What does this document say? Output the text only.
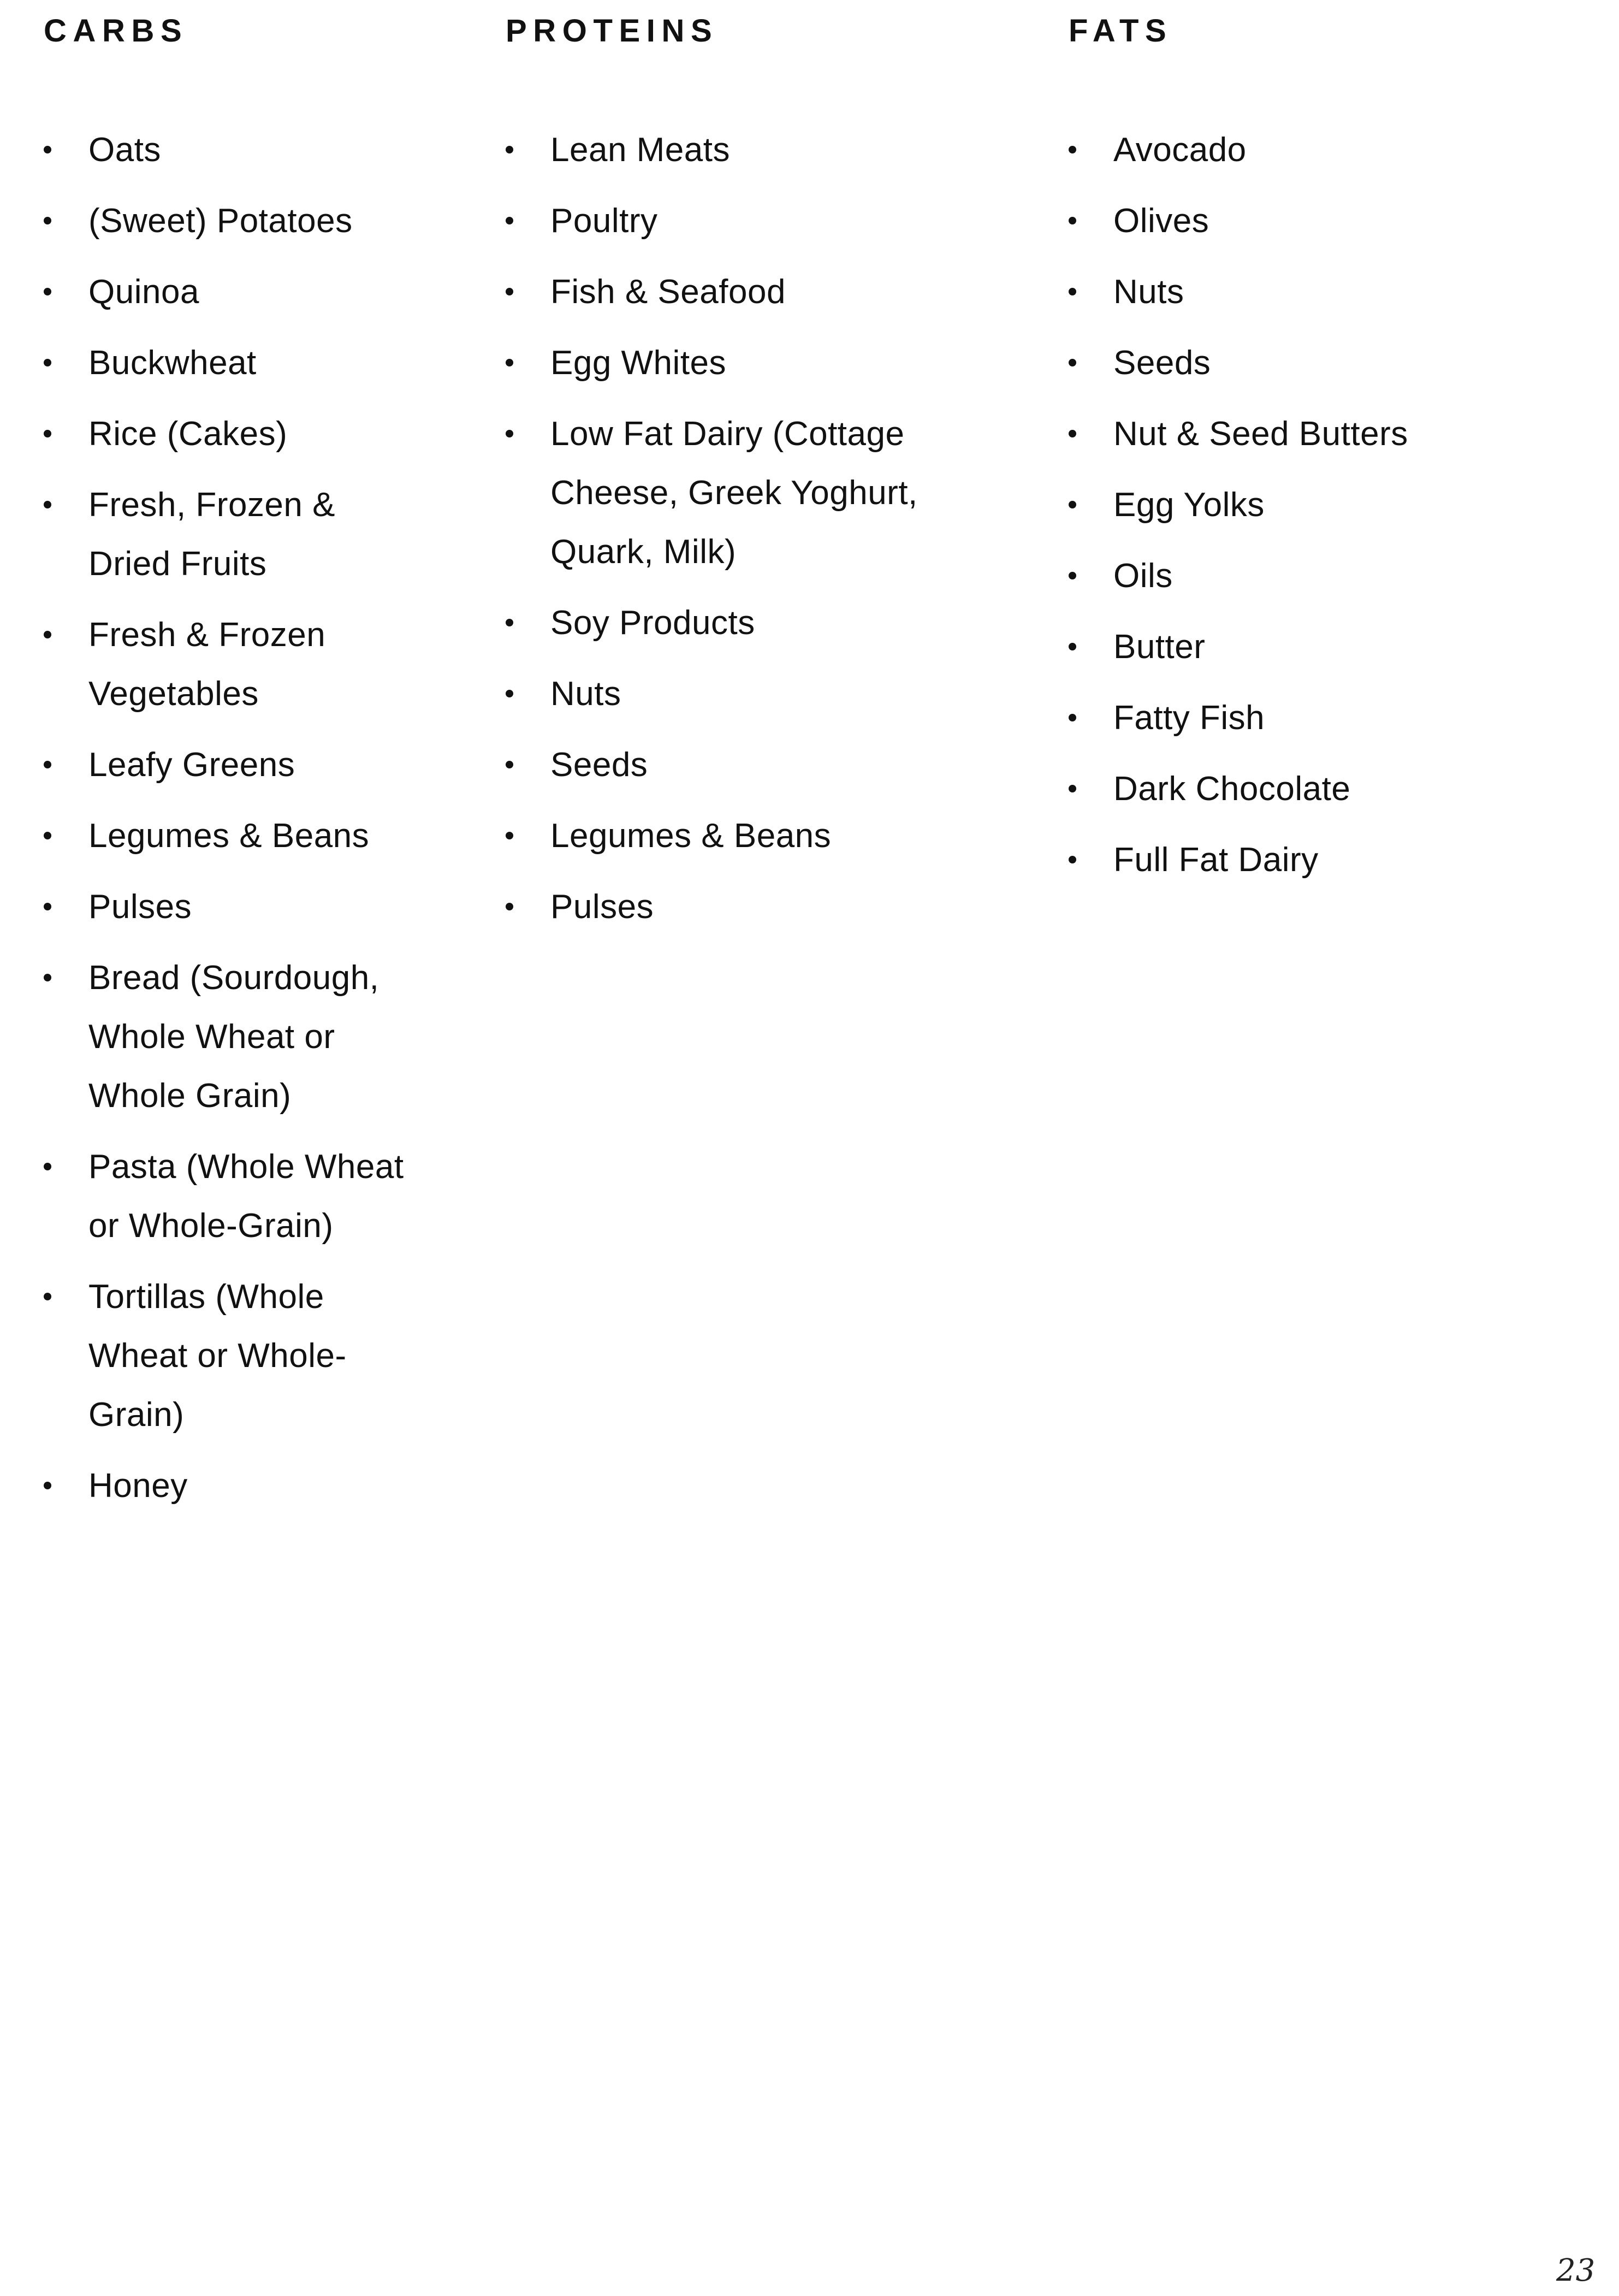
CARBS
Oats
(Sweet) Potatoes
Quinoa
Buckwheat
Rice (Cakes)
Fresh, Frozen &
Dried Fruits
Fresh & Frozen
Vegetables
Leafy Greens
Legumes & Beans
Pulses
Bread (Sourdough,
Whole Wheat or
Whole Grain)
Pasta (Whole Wheat
or Whole-Grain)
Tortillas (Whole
Wheat or Whole-
Grain)
Honey
PROTEINS
Lean Meats
Poultry
Fish & Seafood
Egg Whites
Low Fat Dairy (Cottage
Cheese, Greek Yoghurt,
Quark, Milk)
Soy Products
Nuts
Seeds
Legumes & Beans
Pulses
FATS
Avocado
Olives
Nuts
Seeds
Nut & Seed Butters
Egg Yolks
Oils
Butter
Fatty Fish
Dark Chocolate
Full Fat Dairy
23
